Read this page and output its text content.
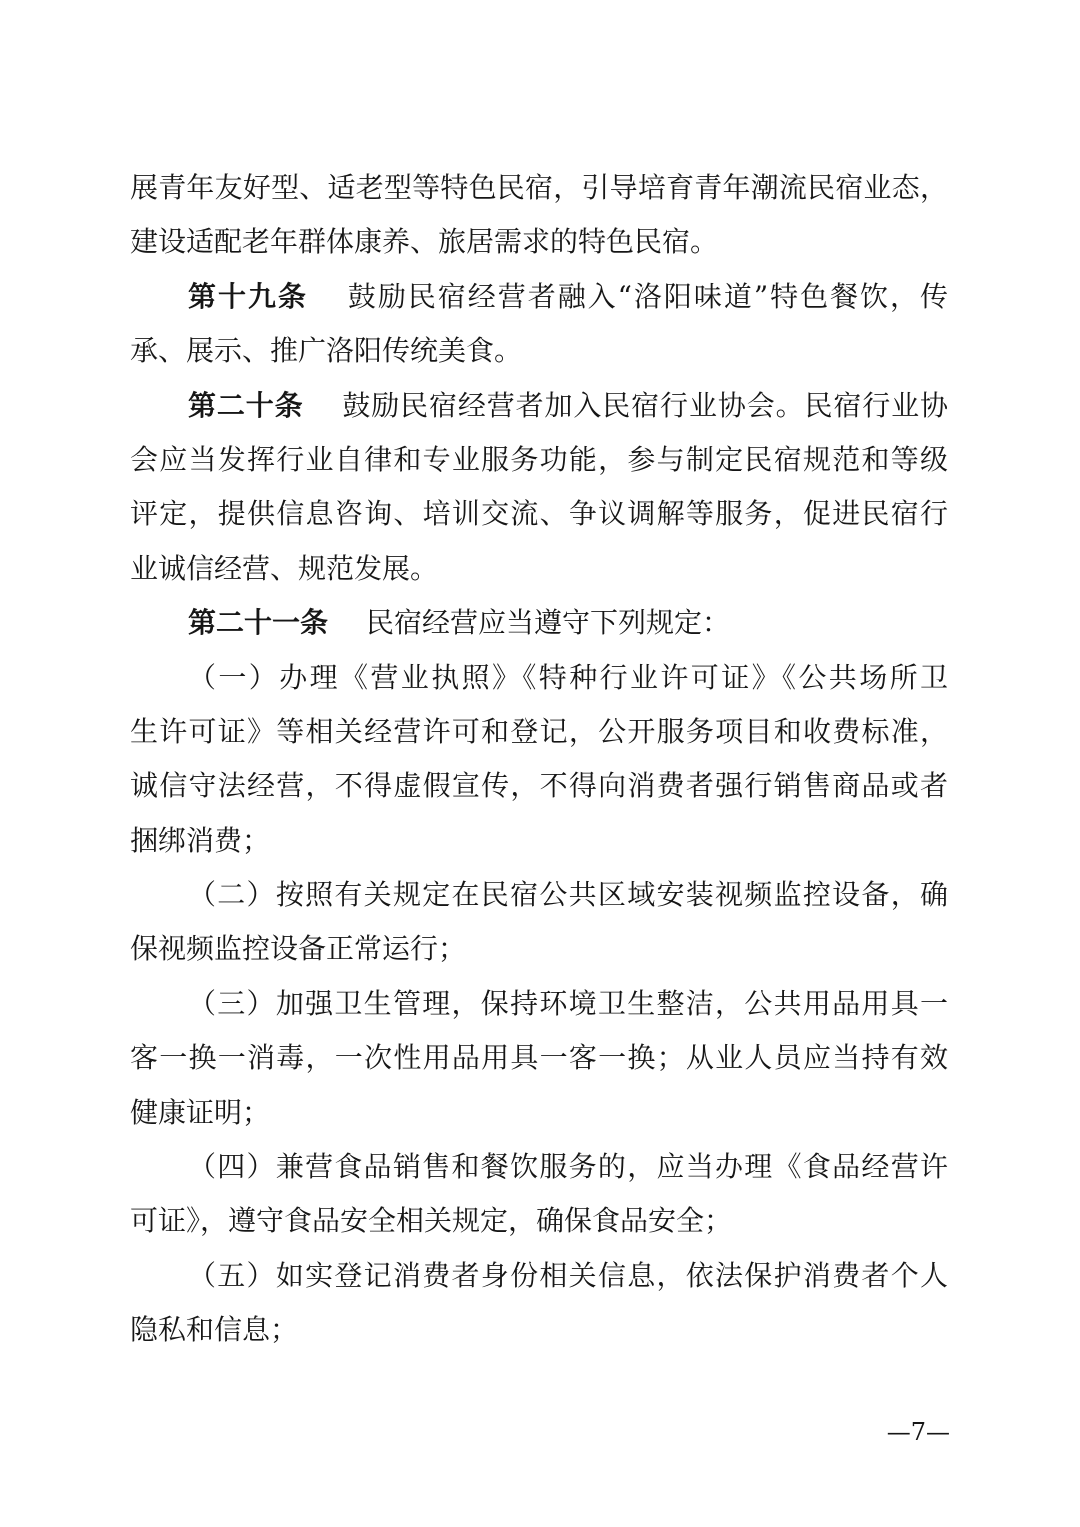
展青年友好型、适老型等特色民宿，引导培育青年潮流民宿业态，
建设适配老年群体康养、旅居需求的特色民宿。
第十九条 鼓励民宿经营者融入“洛阳味道”特色餐饮，传
承、展示、推广洛阳传统美食。
第二十条 鼓励民宿经营者加入民宿行业协会。民宿行业协
会应当发挥行业自律和专业服务功能，参与制定民宿规范和等级
评定，提供信息咨询、培训交流、争议调解等服务，促进民宿行
业诚信经营、规范发展。
第二十一条 民宿经营应当遵守下列规定：
（一）办理《营业执照》《特种行业许可证》《公共场所卫
生许可证》等相关经营许可和登记，公开服务项目和收费标准，
诚信守法经营，不得虚假宣传，不得向消费者强行销售商品或者
捆绑消费；
（二）按照有关规定在民宿公共区域安装视频监控设备，确
保视频监控设备正常运行；
（三）加强卫生管理，保持环境卫生整洁，公共用品用具一
客一换一消毒，一次性用品用具一客一换；从业人员应当持有效
健康证明；
（四）兼营食品销售和餐饮服务的，应当办理《食品经营许
可证》，遵守食品安全相关规定，确保食品安全；
（五）如实登记消费者身份相关信息，依法保护消费者个人
隐私和信息；
—7—
